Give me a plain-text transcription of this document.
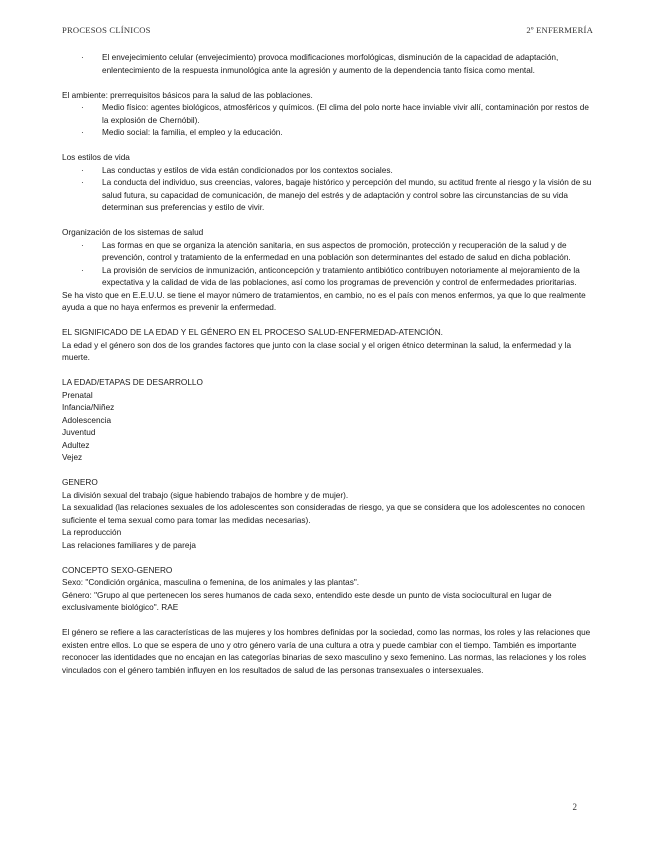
PROCESOS CLÍNICOS	2º ENFERMERÍA
· El envejecimiento celular (envejecimiento) provoca modificaciones morfológicas, disminución de la capacidad de adaptación, enlentecimiento de la respuesta inmunológica ante la agresión y aumento de la dependencia tanto física como mental.

El ambiente: prerrequisitos básicos para la salud de las poblaciones.

· Medio físico: agentes biológicos, atmosféricos y químicos. (El clima del polo norte hace inviable vivir allí, contaminación por restos de la explosión de Chernóbil).
· Medio social: la familia, el empleo y la educación.

Los estilos de vida

· Las conductas y estilos de vida están condicionados por los contextos sociales.
· La conducta del individuo, sus creencias, valores, bagaje histórico y percepción del mundo, su actitud frente al riesgo y la visión de su salud futura, su capacidad de comunicación, de manejo del estrés y de adaptación y control sobre las circunstancias de su vida determinan sus preferencias y estilo de vivir.

Organización de los sistemas de salud

· Las formas en que se organiza la atención sanitaria, en sus aspectos de promoción, protección y recuperación de la salud y de prevención, control y tratamiento de la enfermedad en una población son determinantes del estado de salud en dicha población.
· La provisión de servicios de inmunización, anticoncepción y tratamiento antibiótico contribuyen notoriamente al mejoramiento de la expectativa y la calidad de vida de las poblaciones, así como los programas de prevención y control de enfermedades prioritarias.

Se ha visto que en E.E.U.U. se tiene el mayor número de tratamientos, en cambio, no es el país con menos enfermos, ya que lo que realmente ayuda a que no haya enfermos es prevenir la enfermedad.

EL SIGNIFICADO DE LA EDAD Y EL GÉNERO EN EL PROCESO SALUD-ENFERMEDAD-ATENCIÓN.

La edad y el género son dos de los grandes factores que junto con la clase social y el origen étnico determinan la salud, la enfermedad y la muerte.

LA EDAD/ETAPAS DE DESARROLLO

Prenatal

Infancia/Niñez

Adolescencia

Juventud

Adultez

Vejez

GENERO

La división sexual del trabajo (sigue habiendo trabajos de hombre y de mujer).

La sexualidad (las relaciones sexuales de los adolescentes son consideradas de riesgo, ya que se considera que los adolescentes no conocen suficiente el tema sexual como para tomar las medidas necesarias).

La reproducción

Las relaciones familiares y de pareja

CONCEPTO SEXO-GENERO

Sexo: "Condición orgánica, masculina o femenina, de los animales y las plantas".

Género: "Grupo al que pertenecen los seres humanos de cada sexo, entendido este desde un punto de vista sociocultural en lugar de exclusivamente biológico". RAE

El género se refiere a las características de las mujeres y los hombres definidas por la sociedad, como las normas, los roles y las relaciones que existen entre ellos. Lo que se espera de uno y otro género varía de una cultura a otra y puede cambiar con el tiempo. También es importante reconocer las identidades que no encajan en las categorías binarias de sexo masculino y sexo femenino. Las normas, las relaciones y los roles vinculados con el género también influyen en los resultados de salud de las personas transexuales o intersexuales.

2
